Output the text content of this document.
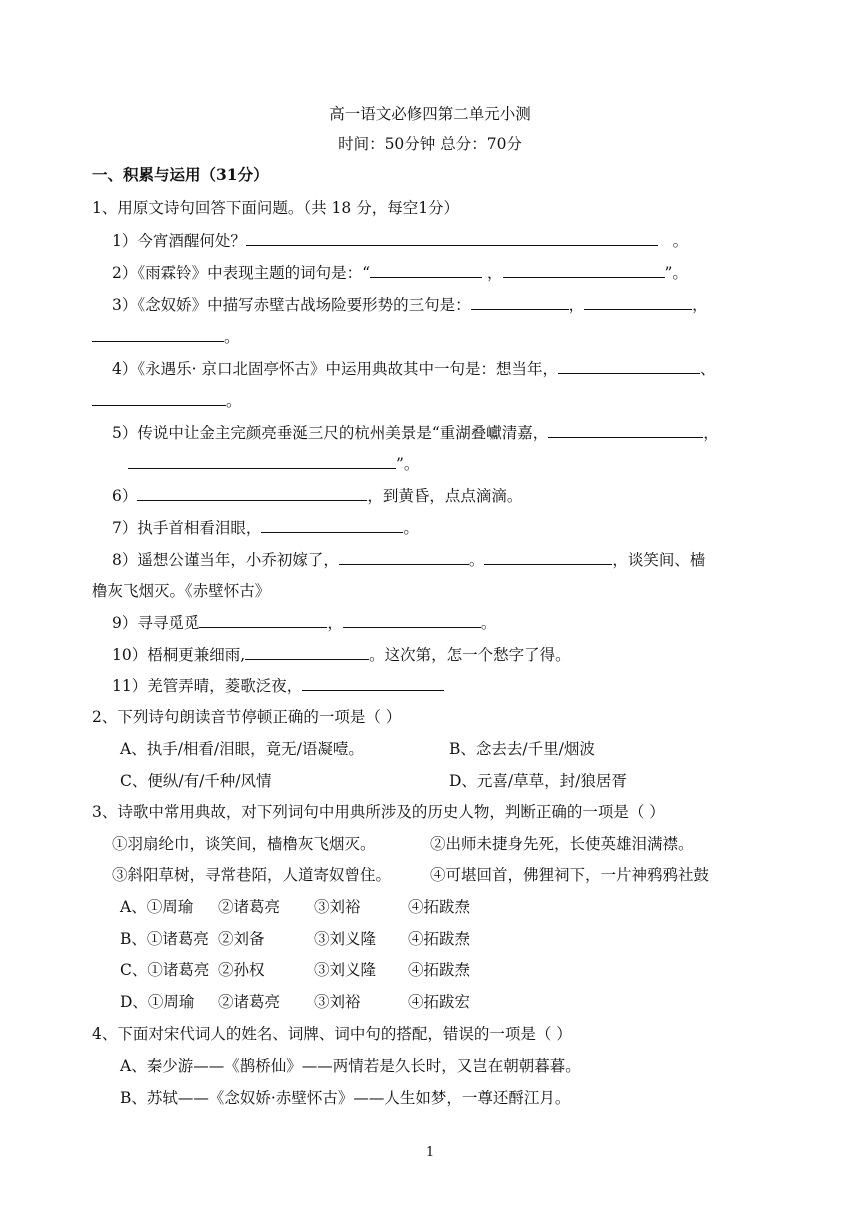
高一语文必修四第二单元小测
时间：50分钟 总分：70分
一、积累与运用（31分）
1、用原文诗句回答下面问题。（共 18 分，每空1分）
1）今宵酒醒何处？	。
2）《雨霖铃》中表现主题的词句是：“	，	”。
3）《念奴娇》中描写赤壁古战场险要形势的三句是：	，	，
。
4）《永遇乐· 京口北固亭怀古》中运用典故其中一句是：想当年，	、
。
5）传说中让金主完颜亮垂涎三尺的杭州美景是“重湖叠巘清嘉，	，
”。
6）	，到黄昏，点点滴滴。
7）执手首相看泪眼，	。
8）遥想公谨当年，小乔初嫁了，	。	，谈笑间、樯
橹灰飞烟灭。《赤壁怀古》
9）寻寻觅觅	，	。
10）梧桐更兼细雨,	。这次第，怎一个愁字了得。
11）羌管弄晴，菱歌泛夜，
2、下列诗句朗读音节停顿正确的一项是（ ）
A、执手/相看/泪眼，竟无/语凝噎。	B、念去去/千里/烟波
C、便纵/有/千种/风情	D、元喜/草草，封/狼居胥
3、诗歌中常用典故，对下列词句中用典所涉及的历史人物，判断正确的一项是（ ）
①羽扇纶巾，谈笑间，樯橹灰飞烟灭。	②出师未捷身先死，长使英雄泪满襟。
③斜阳草树，寻常巷陌，人道寄奴曾住。	④可堪回首，佛狸祠下，一片神鸦鸦社鼓
A、①周瑜 ②诸葛亮 ③刘裕	④拓跋焘
B、①诸葛亮 ②刘备	③刘义隆 ④拓跋焘
C、①诸葛亮 ②孙权	③刘义隆 ④拓跋焘
D、①周瑜 ②诸葛亮 ③刘裕	④拓跋宏
4、下面对宋代词人的姓名、词牌、词中句的搭配，错误的一项是（ ）
A、秦少游——《鹊桥仙》——两情若是久长时，又岂在朝朝暮暮。
B、苏轼——《念奴娇·赤壁怀古》——人生如梦，一尊还酹江月。
1
